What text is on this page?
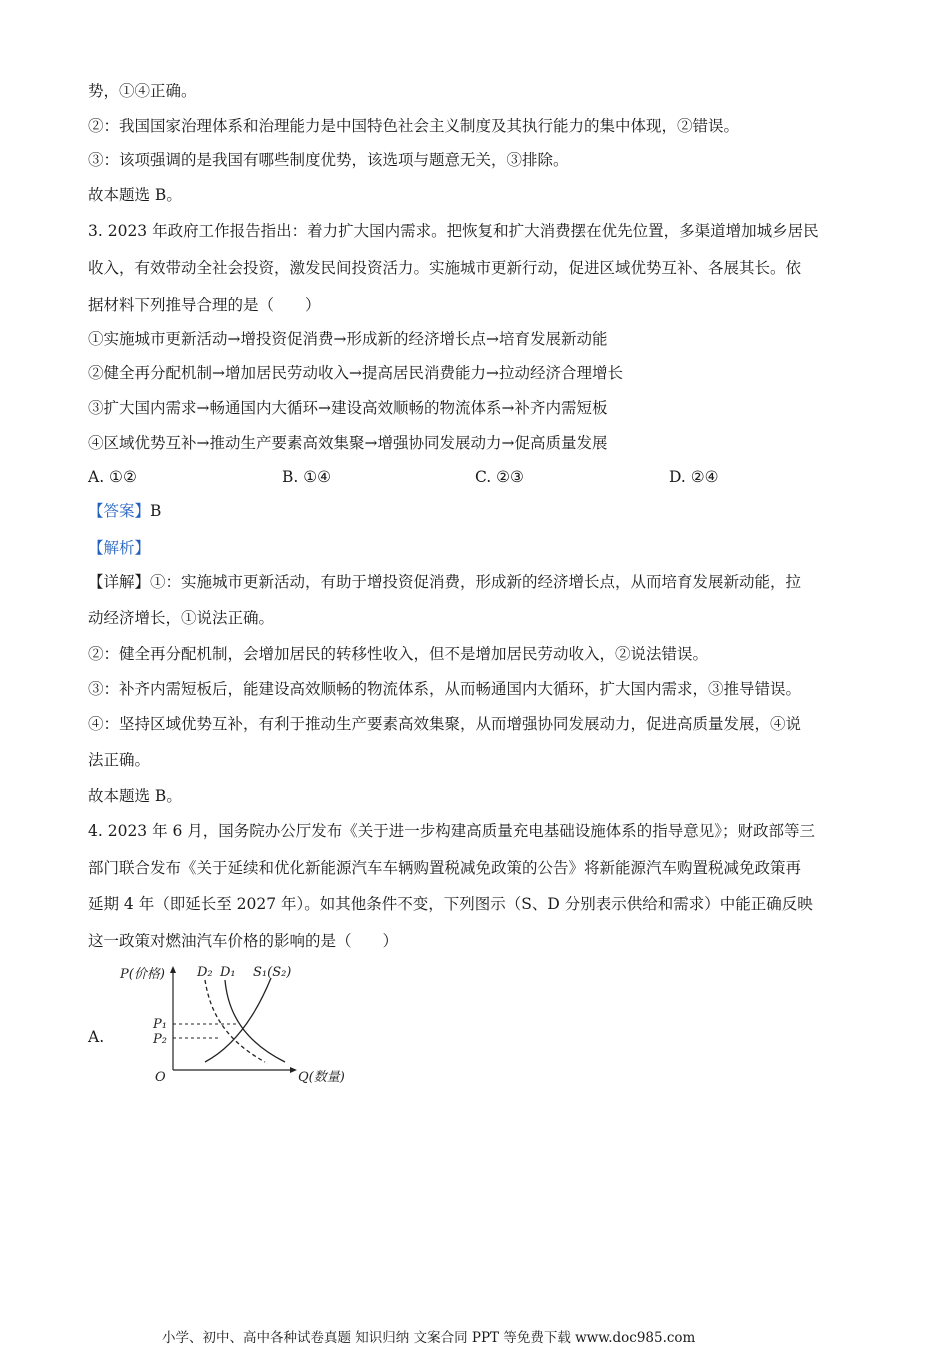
势，①④正确。
②：我国国家治理体系和治理能力是中国特色社会主义制度及其执行能力的集中体现，②错误。
③：该项强调的是我国有哪些制度优势，该选项与题意无关，③排除。
故本题选 B。
3. 2023 年政府工作报告指出：着力扩大国内需求。把恢复和扩大消费摆在优先位置，多渠道增加城乡居民
收入，有效带动全社会投资，激发民间投资活力。实施城市更新行动，促进区域优势互补、各展其长。依
据材料下列推导合理的是（　　）
①实施城市更新活动→增投资促消费→形成新的经济增长点→培育发展新动能
②健全再分配机制→增加居民劳动收入→提高居民消费能力→拉动经济合理增长
③扩大国内需求→畅通国内大循环→建设高效顺畅的物流体系→补齐内需短板
④区域优势互补→推动生产要素高效集聚→增强协同发展动力→促高质量发展
A. ①②	B. ①④	C. ②③	D. ②④
【答案】B
【解析】
【详解】①：实施城市更新活动，有助于增投资促消费，形成新的经济增长点，从而培育发展新动能，拉
动经济增长，①说法正确。
②：健全再分配机制，会增加居民的转移性收入，但不是增加居民劳动收入，②说法错误。
③：补齐内需短板后，能建设高效顺畅的物流体系，从而畅通国内大循环，扩大国内需求，③推导错误。
④：坚持区域优势互补，有利于推动生产要素高效集聚，从而增强协同发展动力，促进高质量发展，④说
法正确。
故本题选 B。
4. 2023 年 6 月，国务院办公厅发布《关于进一步构建高质量充电基础设施体系的指导意见》；财政部等三
部门联合发布《关于延续和优化新能源汽车车辆购置税减免政策的公告》将新能源汽车购置税减免政策再
延期 4 年（即延长至 2027 年）。如其他条件不变，下列图示（S、D 分别表示供给和需求）中能正确反映
这一政策对燃油汽车价格的影响的是（　　）
A.
P(价格) D₂ D₁ S₁(S₂)
P₁
P₂
O	Q(数量)
小学、初中、高中各种试卷真题 知识归纳 文案合同 PPT 等免费下载 www.doc985.com
